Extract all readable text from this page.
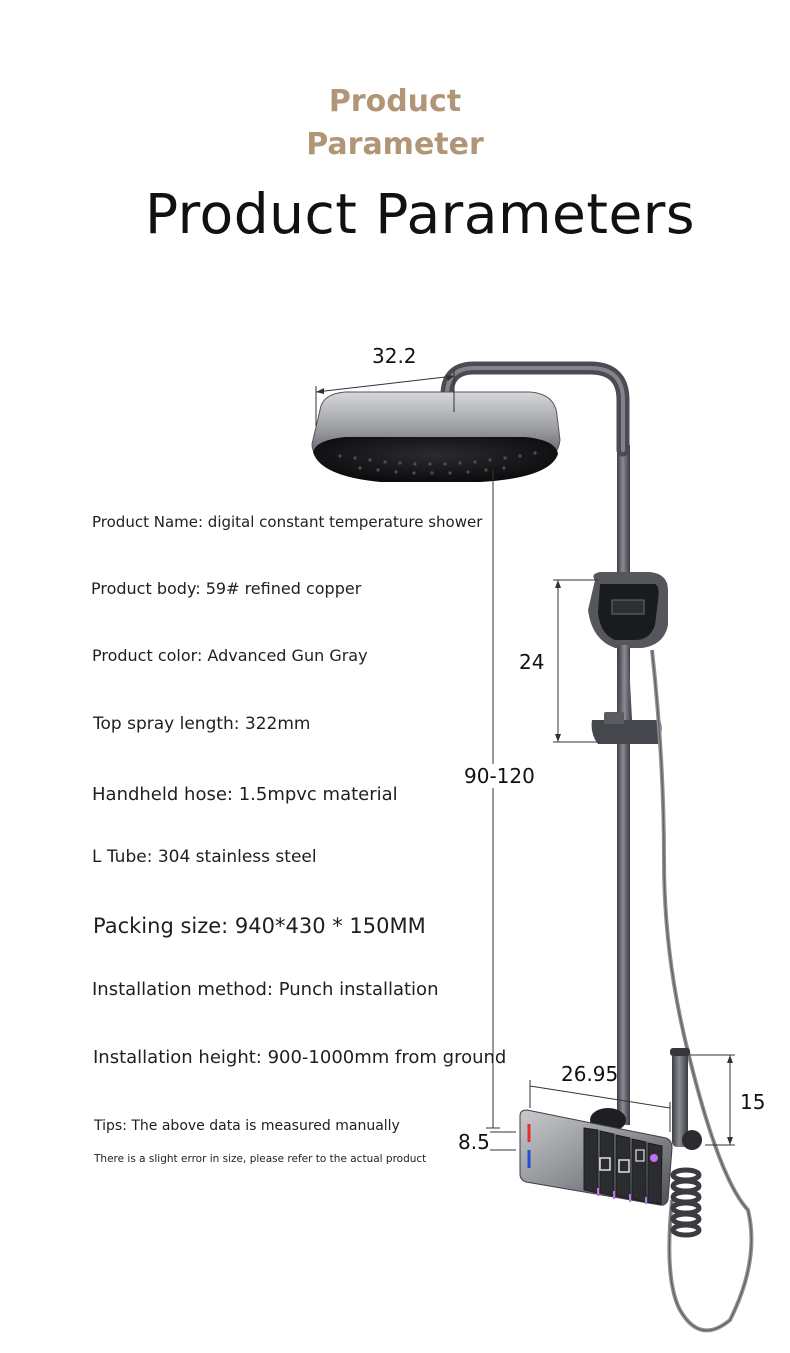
Product
Parameter
Product Parameters
32.2
24
90-120
26.95
15
8.5
Product Name: digital constant temperature shower
Product body: 59# refined copper
Product color: Advanced Gun Gray
Top spray length: 322mm
Handheld hose: 1.5mpvc material
L Tube: 304 stainless steel
Packing size: 940*430 * 150MM
Installation method: Punch installation
Installation height: 900-1000mm from ground
Tips: The above data is measured manually
There is a slight error in size, please refer to the actual product
